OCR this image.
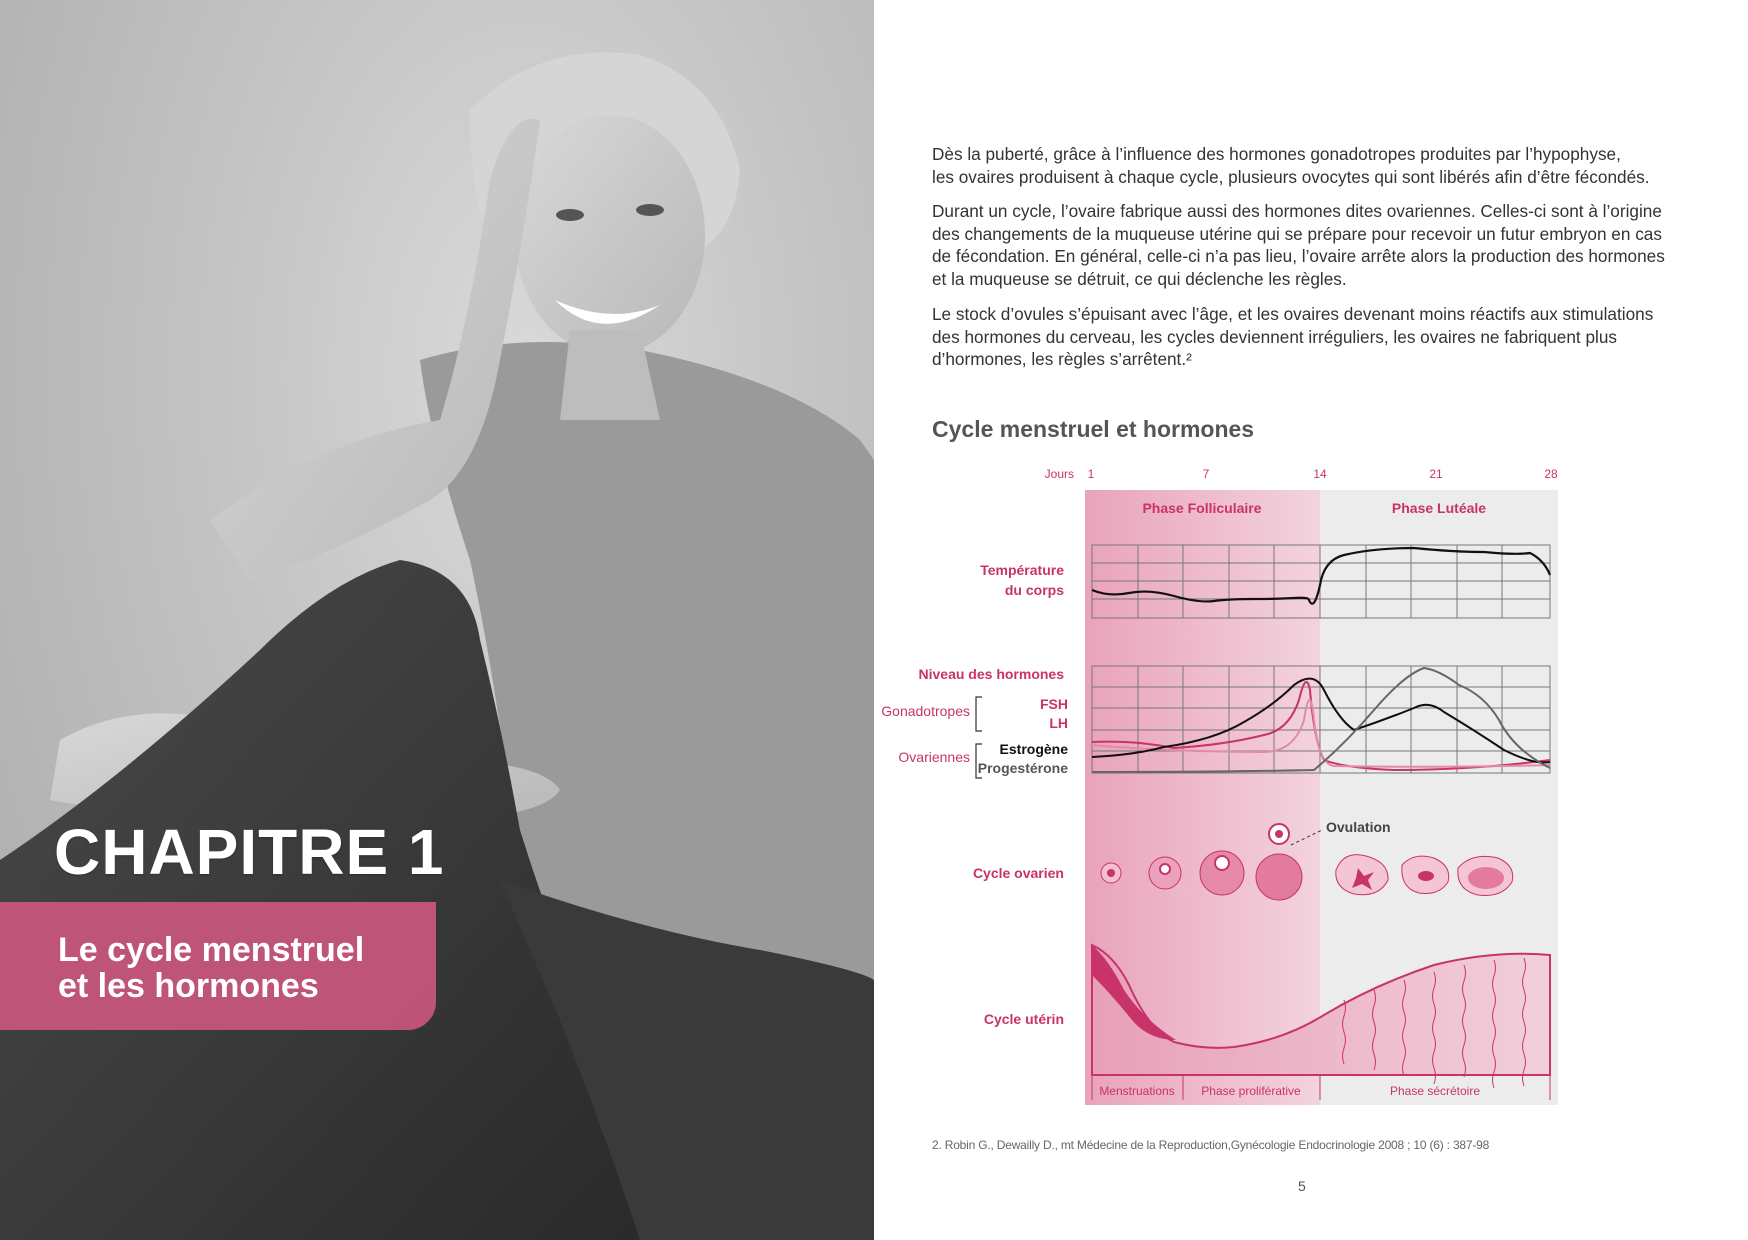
CHAPITRE 1
Le cycle menstruel
et les hormones
Dès la puberté, grâce à l’influence des hormones gonadotropes produites par l’hypophyse,
les ovaires produisent à chaque cycle, plusieurs ovocytes qui sont libérés afin d’être fécondés.
Durant un cycle, l’ovaire fabrique aussi des hormones dites ovariennes. Celles-ci sont à l’origine
des changements de la muqueuse utérine qui se prépare pour recevoir un futur embryon en cas
de fécondation. En général, celle-ci n’a pas lieu, l’ovaire arrête alors la production des hormones
et la muqueuse se détruit, ce qui déclenche les règles.
Le stock d’ovules s’épuisant avec l’âge, et les ovaires devenant moins réactifs aux stimulations
des hormones du cerveau, les cycles deviennent irréguliers, les ovaires ne fabriquent plus
d’hormones, les règles s’arrêtent.²
Cycle menstruel et hormones
Jours 1	7	14	21	28
Phase Folliculaire	Phase Lutéale
Température
du corps
Niveau des hormones
Gonadotropes
Ovariennes
FSH
LH
Estrogène
Progestérone
Cycle ovarien
Ovulation
Cycle utérin
Menstruations Phase proliférative	Phase sécrétoire
2. Robin G., Dewailly D., mt Médecine de la Reproduction,Gynécologie Endocrinologie 2008 ; 10 (6) : 387-98
5
